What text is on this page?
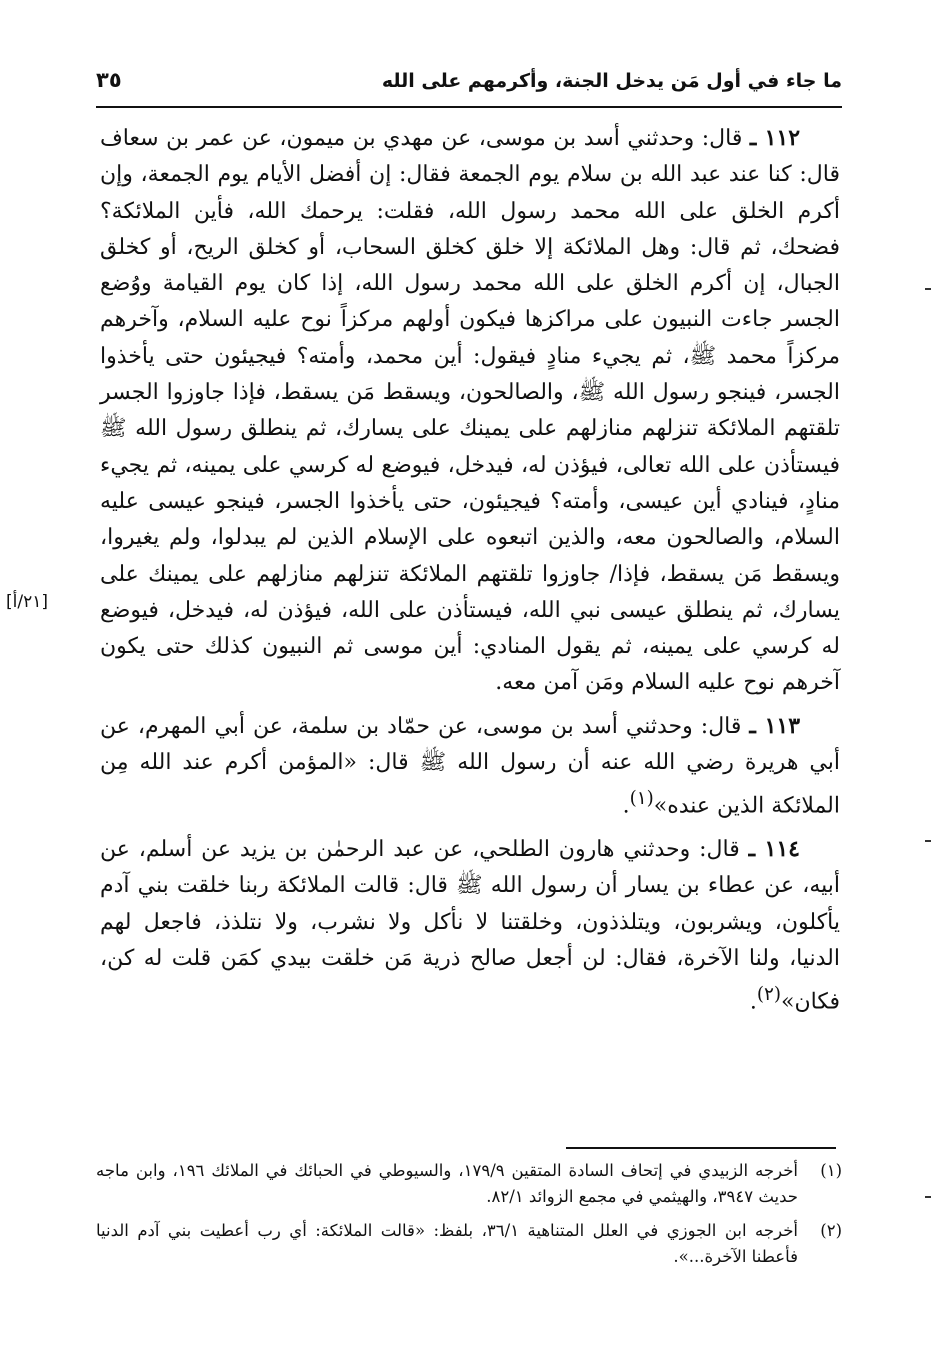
ما جاء في أول مَن يدخل الجنة، وأكرمهم على الله
٣٥
[٢١/أ]

١١٢ ـ قال: وحدثني أسد بن موسى، عن مهدي بن ميمون، عن عمر بن سعاف قال: كنا عند عبد الله بن سلام يوم الجمعة فقال: إن أفضل الأيام يوم الجمعة، وإن أكرم الخلق على الله محمد رسول الله، فقلت: يرحمك الله، فأين الملائكة؟ فضحك، ثم قال: وهل الملائكة إلا خلق كخلق السحاب، أو كخلق الريح، أو كخلق الجبال، إن أكرم الخلق على الله محمد رسول الله، إذا كان يوم القيامة ووُضع الجسر جاءت النبيون على مراكزها فيكون أولهم مركزاً نوح عليه السلام، وآخرهم مركزاً محمد ﷺ، ثم يجيء منادٍ فيقول: أين محمد، وأمته؟ فيجيئون حتى يأخذوا الجسر، فينجو رسول الله ﷺ، والصالحون، ويسقط مَن يسقط، فإذا جاوزوا الجسر تلقتهم الملائكة تنزلهم منازلهم على يمينك على يسارك، ثم ينطلق رسول الله ﷺ فيستأذن على الله تعالى، فيؤذن له، فيدخل، فيوضع له كرسي على يمينه، ثم يجيء منادٍ، فينادي أين عيسى، وأمته؟ فيجيئون، حتى يأخذوا الجسر، فينجو عيسى عليه السلام، والصالحون معه، والذين اتبعوه على الإسلام الذين لم يبدلوا، ولم يغيروا، ويسقط مَن يسقط، فإذا/ جاوزوا تلقتهم الملائكة تنزلهم منازلهم على يمينك على يسارك، ثم ينطلق عيسى نبي الله، فيستأذن على الله، فيؤذن له، فيدخل، فيوضع له كرسي على يمينه، ثم يقول المنادي: أين موسى ثم النبيون كذلك حتى يكون آخرهم نوح عليه السلام ومَن آمن معه.

١١٣ ـ قال: وحدثني أسد بن موسى، عن حمّاد بن سلمة، عن أبي المهرم، عن أبي هريرة رضي الله عنه أن رسول الله ﷺ قال: «المؤمن أكرم عند الله مِن الملائكة الذين عنده»$^{(١)}$.

١١٤ ـ قال: وحدثني هارون الطلحي، عن عبد الرحمٰن بن يزيد عن أسلم، عن أبيه، عن عطاء بن يسار أن رسول الله ﷺ قال: قالت الملائكة ربنا خلقت بني آدم يأكلون، ويشربون، ويتلذذون، وخلقتنا لا نأكل ولا نشرب، ولا نتلذذ، فاجعل لهم الدنيا، ولنا الآخرة، فقال: لن أجعل صالح ذرية مَن خلقت بيدي كمَن قلت له كن، فكان»$^{(٢)}$.

(١)
أخرجه الزبيدي في إتحاف السادة المتقين ١٧٩/٩، والسيوطي في الحبائك في الملائك ١٩٦، وابن ماجه حديث ٣٩٤٧، والهيثمي في مجمع الزوائد ٨٢/١.
(٢)
أخرجه ابن الجوزي في العلل المتناهية ٣٦/١، بلفظ: «قالت الملائكة: أي رب أعطيت بني آدم الدنيا فأعطنا الآخرة...».
